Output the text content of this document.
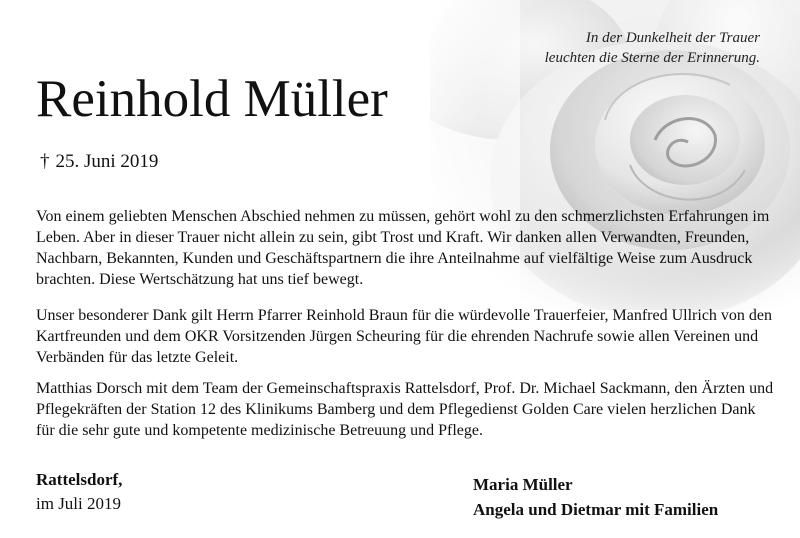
In der Dunkelheit der Trauer
leuchten die Sterne der Erinnerung.
Reinhold Müller
† 25. Juni 2019

Von einem geliebten Menschen Abschied nehmen zu müssen, gehört wohl zu den schmerzlichsten Erfahrungen im Leben. Aber in dieser Trauer nicht allein zu sein, gibt Trost und Kraft. Wir danken allen Verwandten, Freunden, Nachbarn, Bekannten, Kunden und Geschäftspartnern die ihre Anteilnahme auf vielfältige Weise zum Ausdruck brachten. Diese Wertschätzung hat uns tief bewegt.

Unser besonderer Dank gilt Herrn Pfarrer Reinhold Braun für die würdevolle Trauerfeier, Manfred Ullrich von den Kartfreunden und dem OKR Vorsitzenden Jürgen Scheuring für die ehrenden Nachrufe sowie allen Vereinen und Verbänden für das letzte Geleit.

Matthias Dorsch mit dem Team der Gemeinschaftspraxis Rattelsdorf, Prof. Dr. Michael Sackmann, den Ärzten und Pflegekräften der Station 12 des Klinikums Bamberg und dem Pflegedienst Golden Care vielen herzlichen Dank für die sehr gute und kompetente medizinische Betreuung und Pflege.

Rattelsdorf,
im Juli 2019
Maria Müller
Angela und Dietmar mit Familien
